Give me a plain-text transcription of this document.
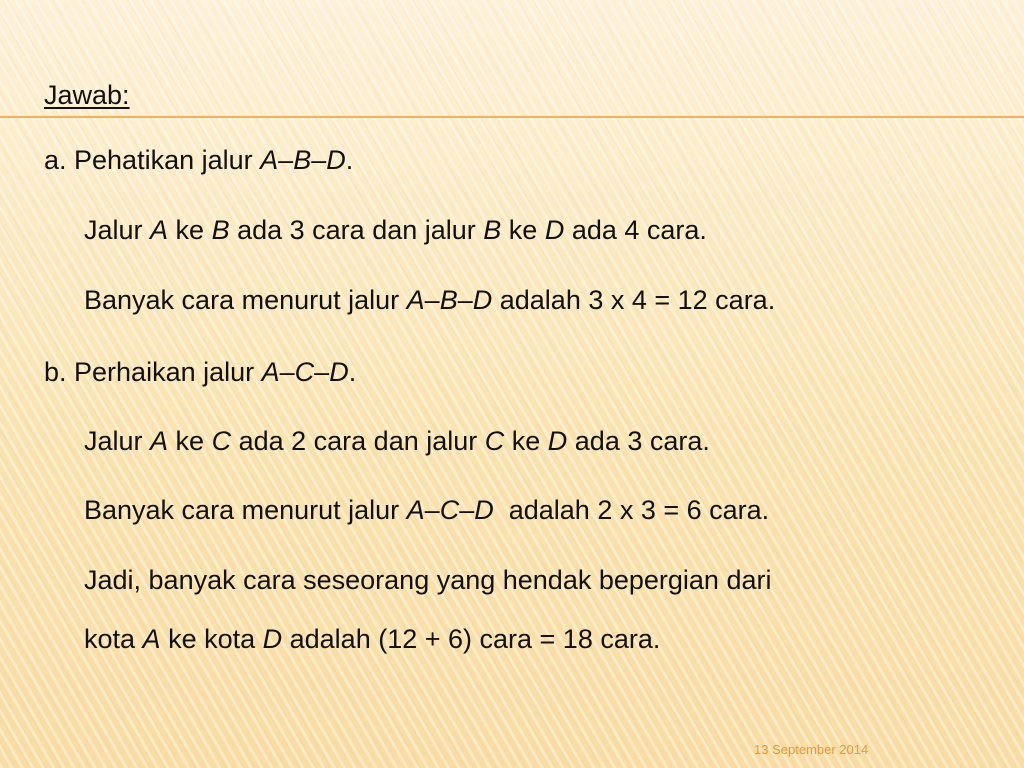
Jawab:
a. Pehatikan jalur A–B–D.
Jalur A ke B ada 3 cara dan jalur B ke D ada 4 cara.
Banyak cara menurut jalur A–B–D adalah 3 x 4 = 12 cara.
b. Perhaikan jalur A–C–D.
Jalur A ke C ada 2 cara dan jalur C ke D ada 3 cara.
Banyak cara menurut jalur A–C–D  adalah 2 x 3 = 6 cara.
Jadi, banyak cara seseorang yang hendak bepergian dari
kota A ke kota D adalah (12 + 6) cara = 18 cara.
13 September 2014
